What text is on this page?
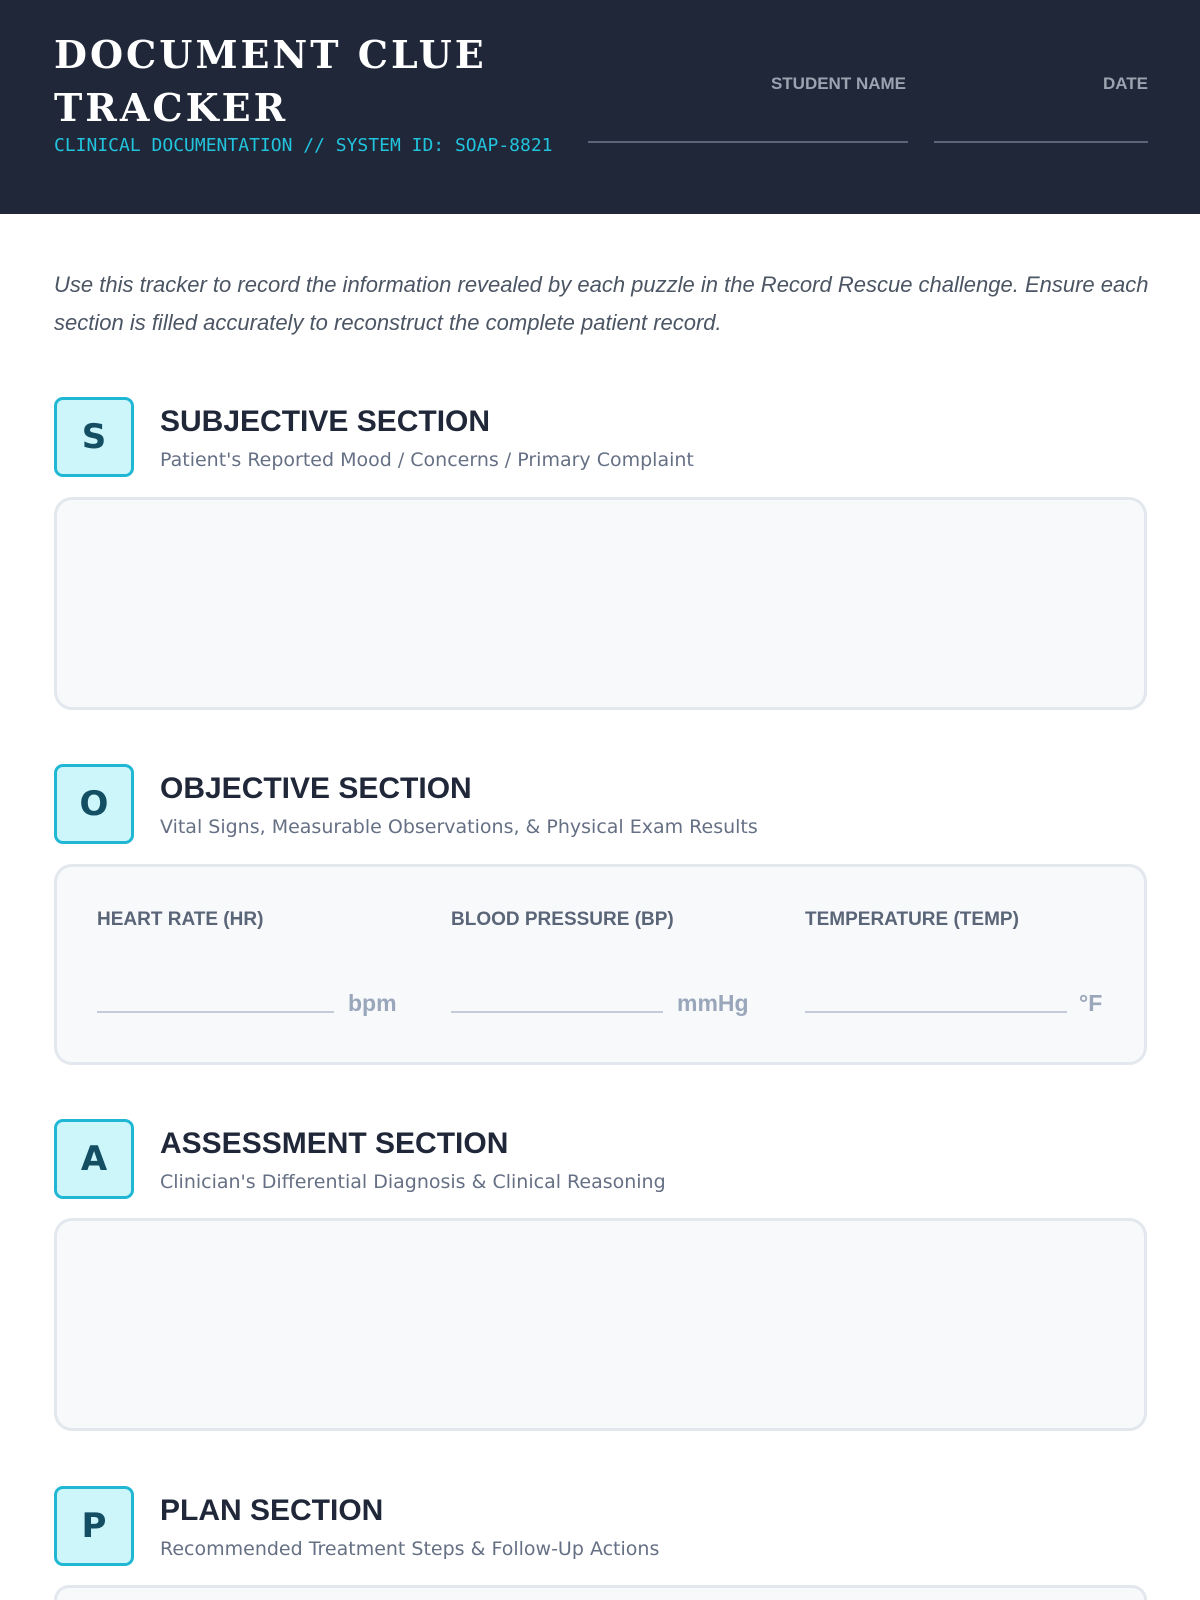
DOCUMENT CLUE TRACKER
CLINICAL DOCUMENTATION // SYSTEM ID: SOAP-8821
STUDENT NAME	DATE

Use this tracker to record the information revealed by each puzzle in the Record Rescue challenge. Ensure each section is filled accurately to reconstruct the complete patient record.

S	SUBJECTIVE SECTION
Patient's Reported Mood / Concerns / Primary Complaint
O	OBJECTIVE SECTION
Vital Signs, Measurable Observations, & Physical Exam Results
HEART RATE (HR)
bpm
BLOOD PRESSURE (BP)
mmHg
TEMPERATURE (TEMP)
°F
A	ASSESSMENT SECTION
Clinician's Differential Diagnosis & Clinical Reasoning
P	PLAN SECTION
Recommended Treatment Steps & Follow-Up Actions
